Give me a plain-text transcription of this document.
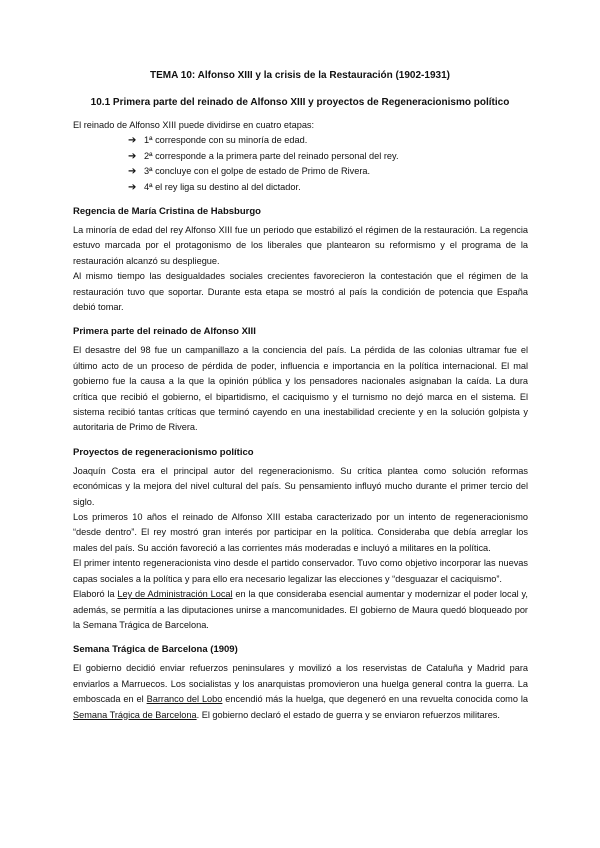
TEMA 10: Alfonso XIII y la crisis de la Restauración (1902-1931)
10.1 Primera parte del reinado de Alfonso XIII y proyectos de Regeneracionismo político

El reinado de Alfonso XIII puede dividirse en cuatro etapas:

➔ 1ª corresponde con su minoría de edad.
➔ 2ª corresponde a la primera parte del reinado personal del rey.
➔ 3ª concluye con el golpe de estado de Primo de Rivera.
➔ 4ª el rey liga su destino al del dictador.
Regencia de María Cristina de Habsburgo

La minoría de edad del rey Alfonso XIII fue un periodo que estabilizó el régimen de la restauración. La regencia estuvo marcada por el protagonismo de los liberales que plantearon su reformismo y el programa de la restauración alcanzó su despliegue.

Al mismo tiempo las desigualdades sociales crecientes favorecieron la contestación que el régimen de la restauración tuvo que soportar. Durante esta etapa se mostró al país la condición de potencia que España debió tomar.

Primera parte del reinado de Alfonso XIII

El desastre del 98 fue un campanillazo a la conciencia del país. La pérdida de las colonias ultramar fue el último acto de un proceso de pérdida de poder, influencia e importancia en la política internacional. El mal gobierno fue la causa a la que la opinión pública y los pensadores nacionales asignaban la caída. La dura crítica que recibió el gobierno, el bipartidismo, el caciquismo y el turnismo no dejó marca en el sistema. El sistema recibió tantas críticas que terminó cayendo en una inestabilidad creciente y en la solución golpista y autoritaria de Primo de Rivera.

Proyectos de regeneracionismo político

Joaquín Costa era el principal autor del regeneracionismo. Su crítica plantea como solución reformas económicas y la mejora del nivel cultural del país. Su pensamiento influyó mucho durante el primer tercio del siglo.

Los primeros 10 años el reinado de Alfonso XIII estaba caracterizado por un intento de regeneracionismo “desde dentro”. El rey mostró gran interés por participar en la política. Consideraba que debía arreglar los males del país. Su acción favoreció a las corrientes más moderadas e incluyó a militares en la política.

El primer intento regeneracionista vino desde el partido conservador. Tuvo como objetivo incorporar las nuevas capas sociales a la política y para ello era necesario legalizar las elecciones y “desguazar el caciquismo”.

Elaboró la Ley de Administración Local en la que consideraba esencial aumentar y modernizar el poder local y, además, se permitía a las diputaciones unirse a mancomunidades. El gobierno de Maura quedó bloqueado por la Semana Trágica de Barcelona.

Semana Trágica de Barcelona (1909)

El gobierno decidió enviar refuerzos peninsulares y movilizó a los reservistas de Cataluña y Madrid para enviarlos a Marruecos. Los socialistas y los anarquistas promovieron una huelga general contra la guerra. La emboscada en el Barranco del Lobo encendió más la huelga, que degeneró en una revuelta conocida como la Semana Trágica de Barcelona. El gobierno declaró el estado de guerra y se enviaron refuerzos militares.
